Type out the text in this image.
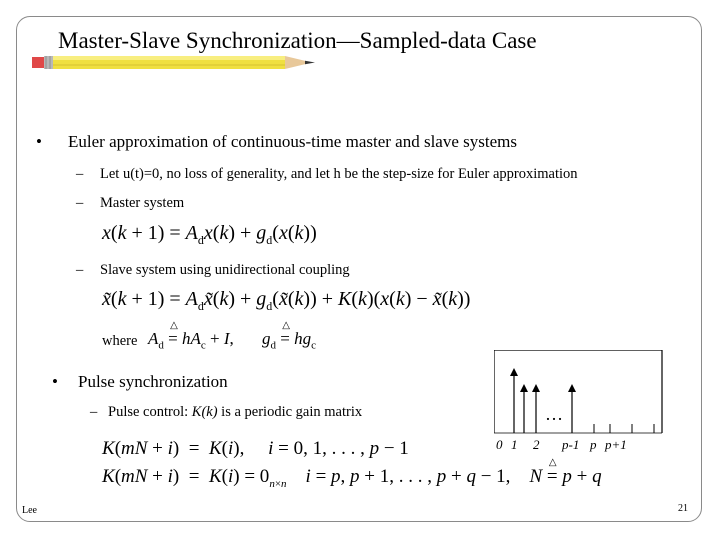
Master-Slave Synchronization—Sampled-data Case
• Euler approximation of continuous-time master and slave systems
– Let u(t)=0, no loss of generality, and let h be the step-size for Euler approximation
– Master system
$x(k + 1) = A_dx(k) + g_d(x(k))$
– Slave system using unidirectional coupling
x̃(k + $1) = A_dx̃(k)$ + $g_d(x̃(k)) + K(k)(x(k)$ − x̃(k))
where $A_d$ =
△
$hA_c + I$, $g_d$ =
△
$hg_c$
• Pulse synchronization
– Pulse control: K(k) is a periodic gain matrix
K(mN + i)  =  K(i),     i = 0, 1, . . . , p − 1
$K(mN + i) = K(i) = 0_{n\times n}$ i = p, p + 1, . . . , p + q − 1,    N =
△
p + q
…
0 1 2 p-1 p p+1
Lee	21
